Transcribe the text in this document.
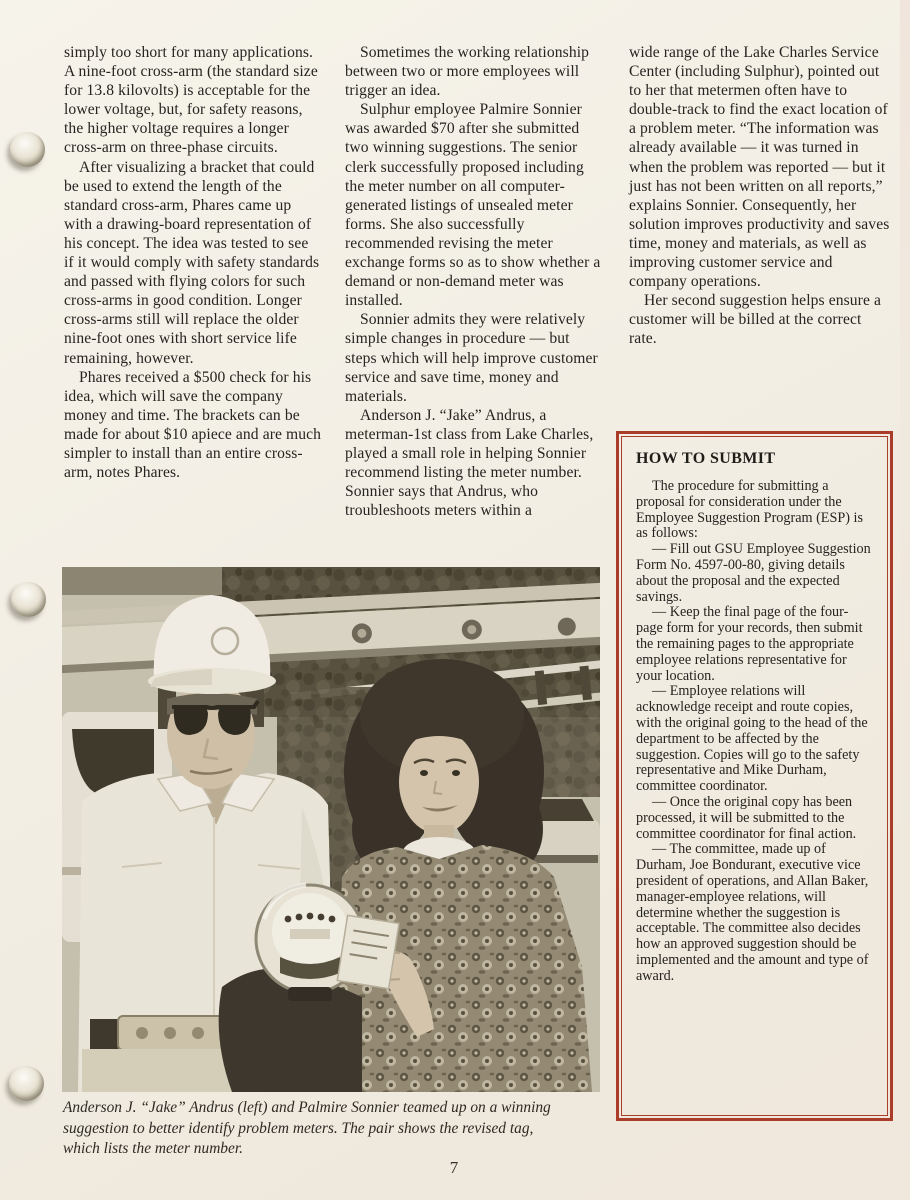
simply too short for many applications. A nine-foot cross-arm (the standard size for 13.8 kilovolts) is acceptable for the lower voltage, but, for safety reasons, the higher voltage requires a longer cross-arm on three-phase circuits.

After visualizing a bracket that could be used to extend the length of the standard cross-arm, Phares came up with a drawing-board representation of his concept. The idea was tested to see if it would comply with safety standards and passed with flying colors for such cross-arms in good condition. Longer cross-arms still will replace the older nine-foot ones with short service life remaining, however.

Phares received a $500 check for his idea, which will save the company money and time. The brackets can be made for about $10 apiece and are much simpler to install than an entire cross-arm, notes Phares.

Sometimes the working relationship between two or more employees will trigger an idea.

Sulphur employee Palmire Sonnier was awarded $70 after she submitted two winning suggestions. The senior clerk successfully proposed including the meter number on all computer-generated listings of unsealed meter forms. She also successfully recommended revising the meter exchange forms so as to show whether a demand or non-demand meter was installed.

Sonnier admits they were relatively simple changes in procedure — but steps which will help improve customer service and save time, money and materials.

Anderson J. “Jake” Andrus, a meterman-1st class from Lake Charles, played a small role in helping Sonnier recommend listing the meter number. Sonnier says that Andrus, who troubleshoots meters within a

wide range of the Lake Charles Service Center (including Sulphur), pointed out to her that metermen often have to double-track to find the exact location of a problem meter. “The information was already available — it was turned in when the problem was reported — but it just has not been written on all reports,” explains Sonnier. Consequently, her solution improves productivity and saves time, money and materials, as well as improving customer service and company operations.

Her second suggestion helps ensure a customer will be billed at the correct rate.

Anderson J. “Jake” Andrus (left) and Palmire Sonnier teamed up on a winning suggestion to better identify problem meters. The pair shows the revised tag, which lists the meter number.

HOW TO SUBMIT

The procedure for submitting a proposal for consideration under the Employee Suggestion Program (ESP) is as follows:

— Fill out GSU Employee Suggestion Form No. 4597-00-80, giving details about the proposal and the expected savings.

— Keep the final page of the four-page form for your records, then submit the remaining pages to the appropriate employee relations representative for your location.

— Employee relations will acknowledge receipt and route copies, with the original going to the head of the department to be affected by the suggestion. Copies will go to the safety representative and Mike Durham, committee coordinator.

— Once the original copy has been processed, it will be submitted to the committee coordinator for final action.

— The committee, made up of Durham, Joe Bondurant, executive vice president of operations, and Allan Baker, manager-employee relations, will determine whether the suggestion is acceptable. The committee also decides how an approved suggestion should be implemented and the amount and type of award.

7
